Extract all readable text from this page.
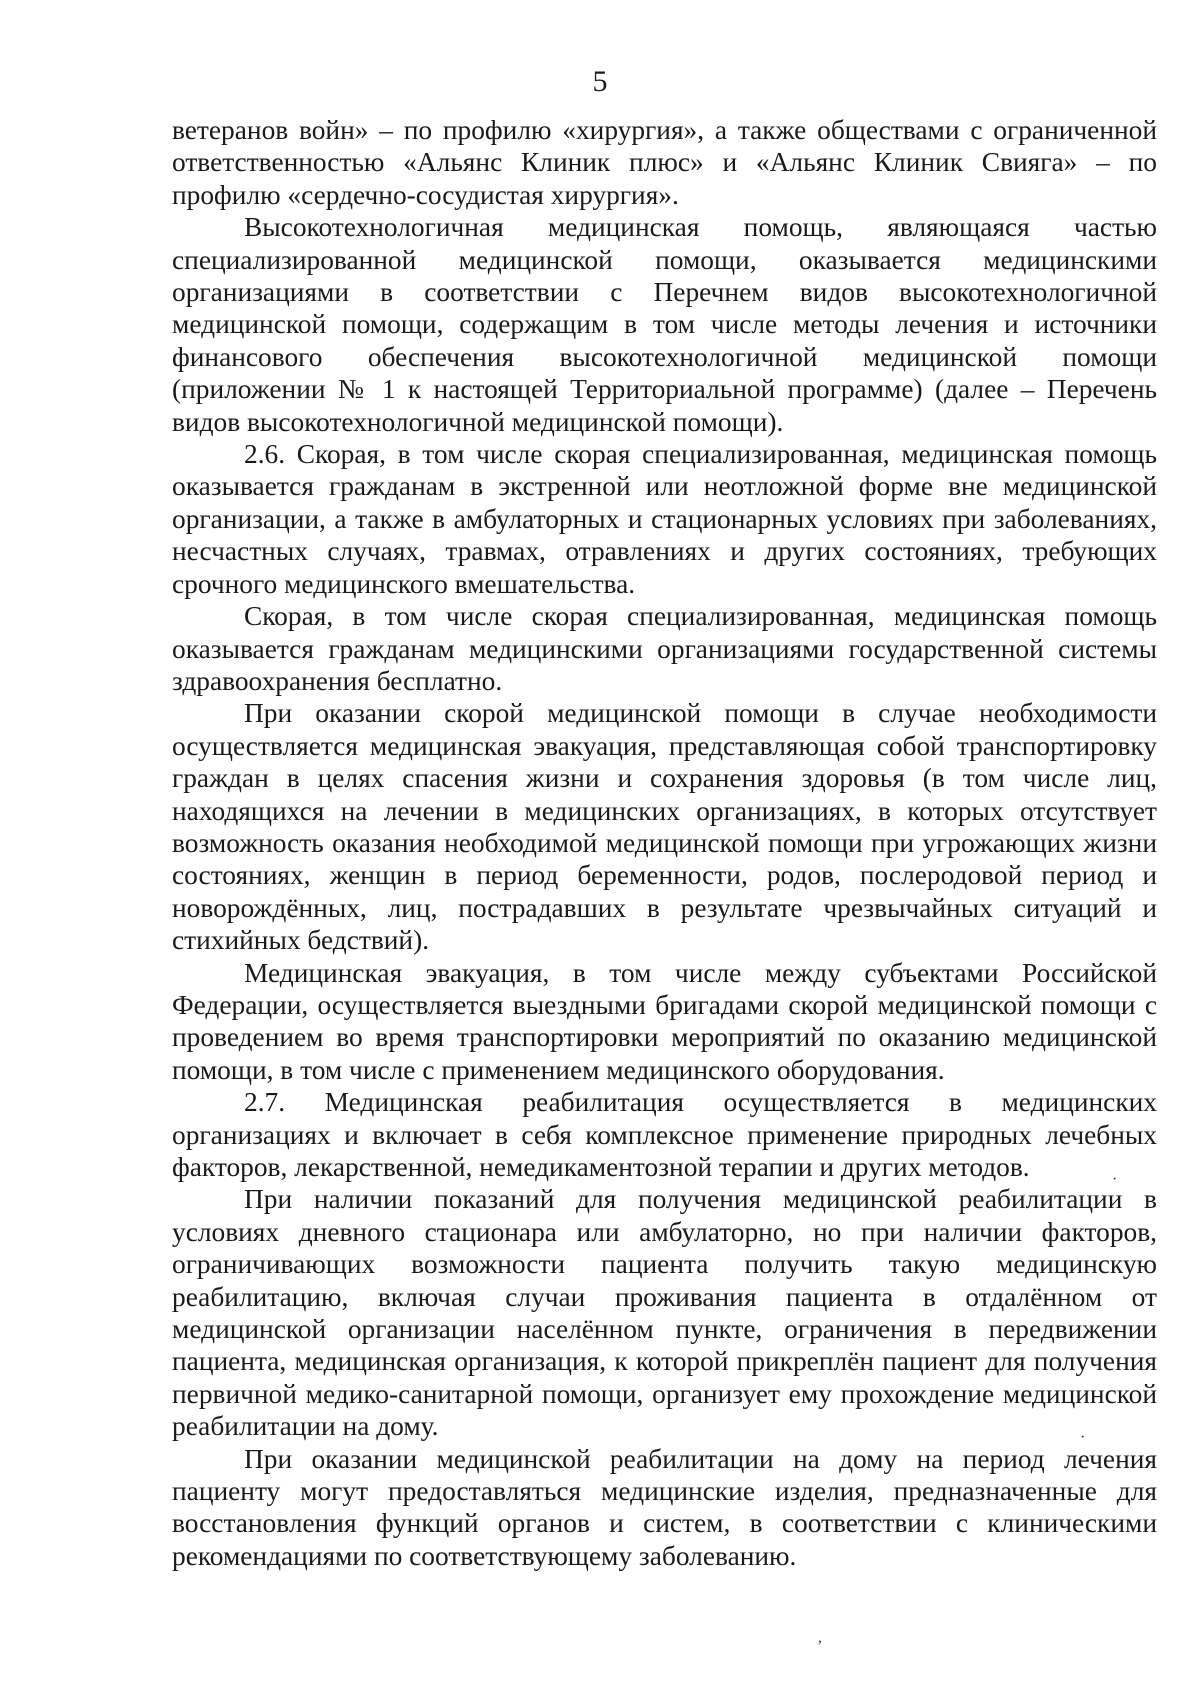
5

ветеранов войн» – по профилю «хирургия», а также обществами с ограниченной ответственностью «Альянс Клиник плюс» и «Альянс Клиник Свияга» – по профилю «сердечно-сосудистая хирургия».

Высокотехнологичная медицинская помощь, являющаяся частью специализированной медицинской помощи, оказывается медицинскими организациями в соответствии с Перечнем видов высокотехнологичной медицинской помощи, содержащим в том числе методы лечения и источники финансового обеспечения высокотехнологичной медицинской помощи (приложении № 1 к настоящей Территориальной программе) (далее – Перечень видов высокотехнологичной медицинской помощи).

2.6. Скорая, в том числе скорая специализированная, медицинская помощь оказывается гражданам в экстренной или неотложной форме вне медицинской организации, а также в амбулаторных и стационарных условиях при заболеваниях, несчастных случаях, травмах, отравлениях и других состояниях, требующих срочного медицинского вмешательства.

Скорая, в том числе скорая специализированная, медицинская помощь оказывается гражданам медицинскими организациями государственной системы здравоохранения бесплатно.

При оказании скорой медицинской помощи в случае необходимости осуществляется медицинская эвакуация, представляющая собой транспортировку граждан в целях спасения жизни и сохранения здоровья (в том числе лиц, находящихся на лечении в медицинских организациях, в которых отсутствует возможность оказания необходимой медицинской помощи при угрожающих жизни состояниях, женщин в период беременности, родов, послеродовой период и новорождённых, лиц, пострадавших в результате чрезвычайных ситуаций и стихийных бедствий).

Медицинская эвакуация, в том числе между субъектами Российской Федерации, осуществляется выездными бригадами скорой медицинской помощи с проведением во время транспортировки мероприятий по оказанию медицинской помощи, в том числе с применением медицинского оборудования.

2.7. Медицинская реабилитация осуществляется в медицинских организациях и включает в себя комплексное применение природных лечебных факторов, лекарственной, немедикаментозной терапии и других методов.

При наличии показаний для получения медицинской реабилитации в условиях дневного стационара или амбулаторно, но при наличии факторов, ограничивающих возможности пациента получить такую медицинскую реабилитацию, включая случаи проживания пациента в отдалённом от медицинской организации населённом пункте, ограничения в передвижении пациента, медицинская организация, к которой прикреплён пациент для получения первичной медико-санитарной помощи, организует ему прохождение медицинской реабилитации на дому.

При оказании медицинской реабилитации на дому на период лечения пациенту могут предоставляться медицинские изделия, предназначенные для восстановления функций органов и систем, в соответствии с клиническими рекомендациями по соответствующему заболеванию.

·
·
,
